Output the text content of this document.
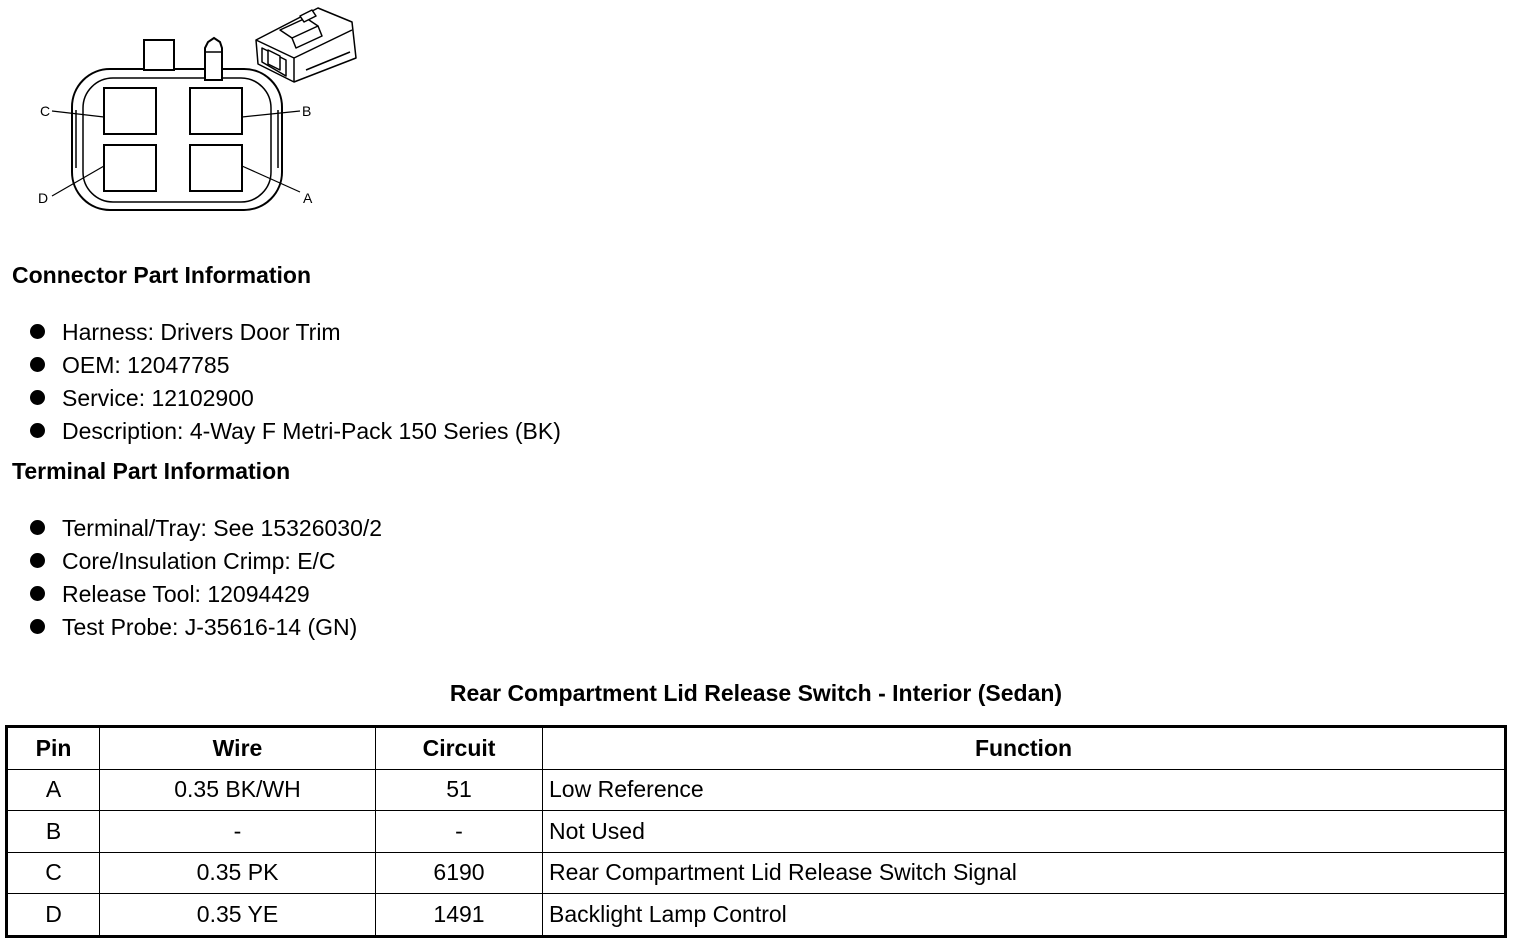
C	B
D	A
Connector Part Information
Harness: Drivers Door Trim
OEM: 12047785
Service: 12102900
Description: 4-Way F Metri-Pack 150 Series (BK)
Terminal Part Information
Terminal/Tray: See 15326030/2
Core/Insulation Crimp: E/C
Release Tool: 12094429
Test Probe: J-35616-14 (GN)
Rear Compartment Lid Release Switch - Interior (Sedan)
Pin	Wire	Circuit	Function
A	0.35 BK/WH	51	Low Reference
B	-	-	Not Used
C	0.35 PK	6190	Rear Compartment Lid Release Switch Signal
D	0.35 YE	1491	Backlight Lamp Control
